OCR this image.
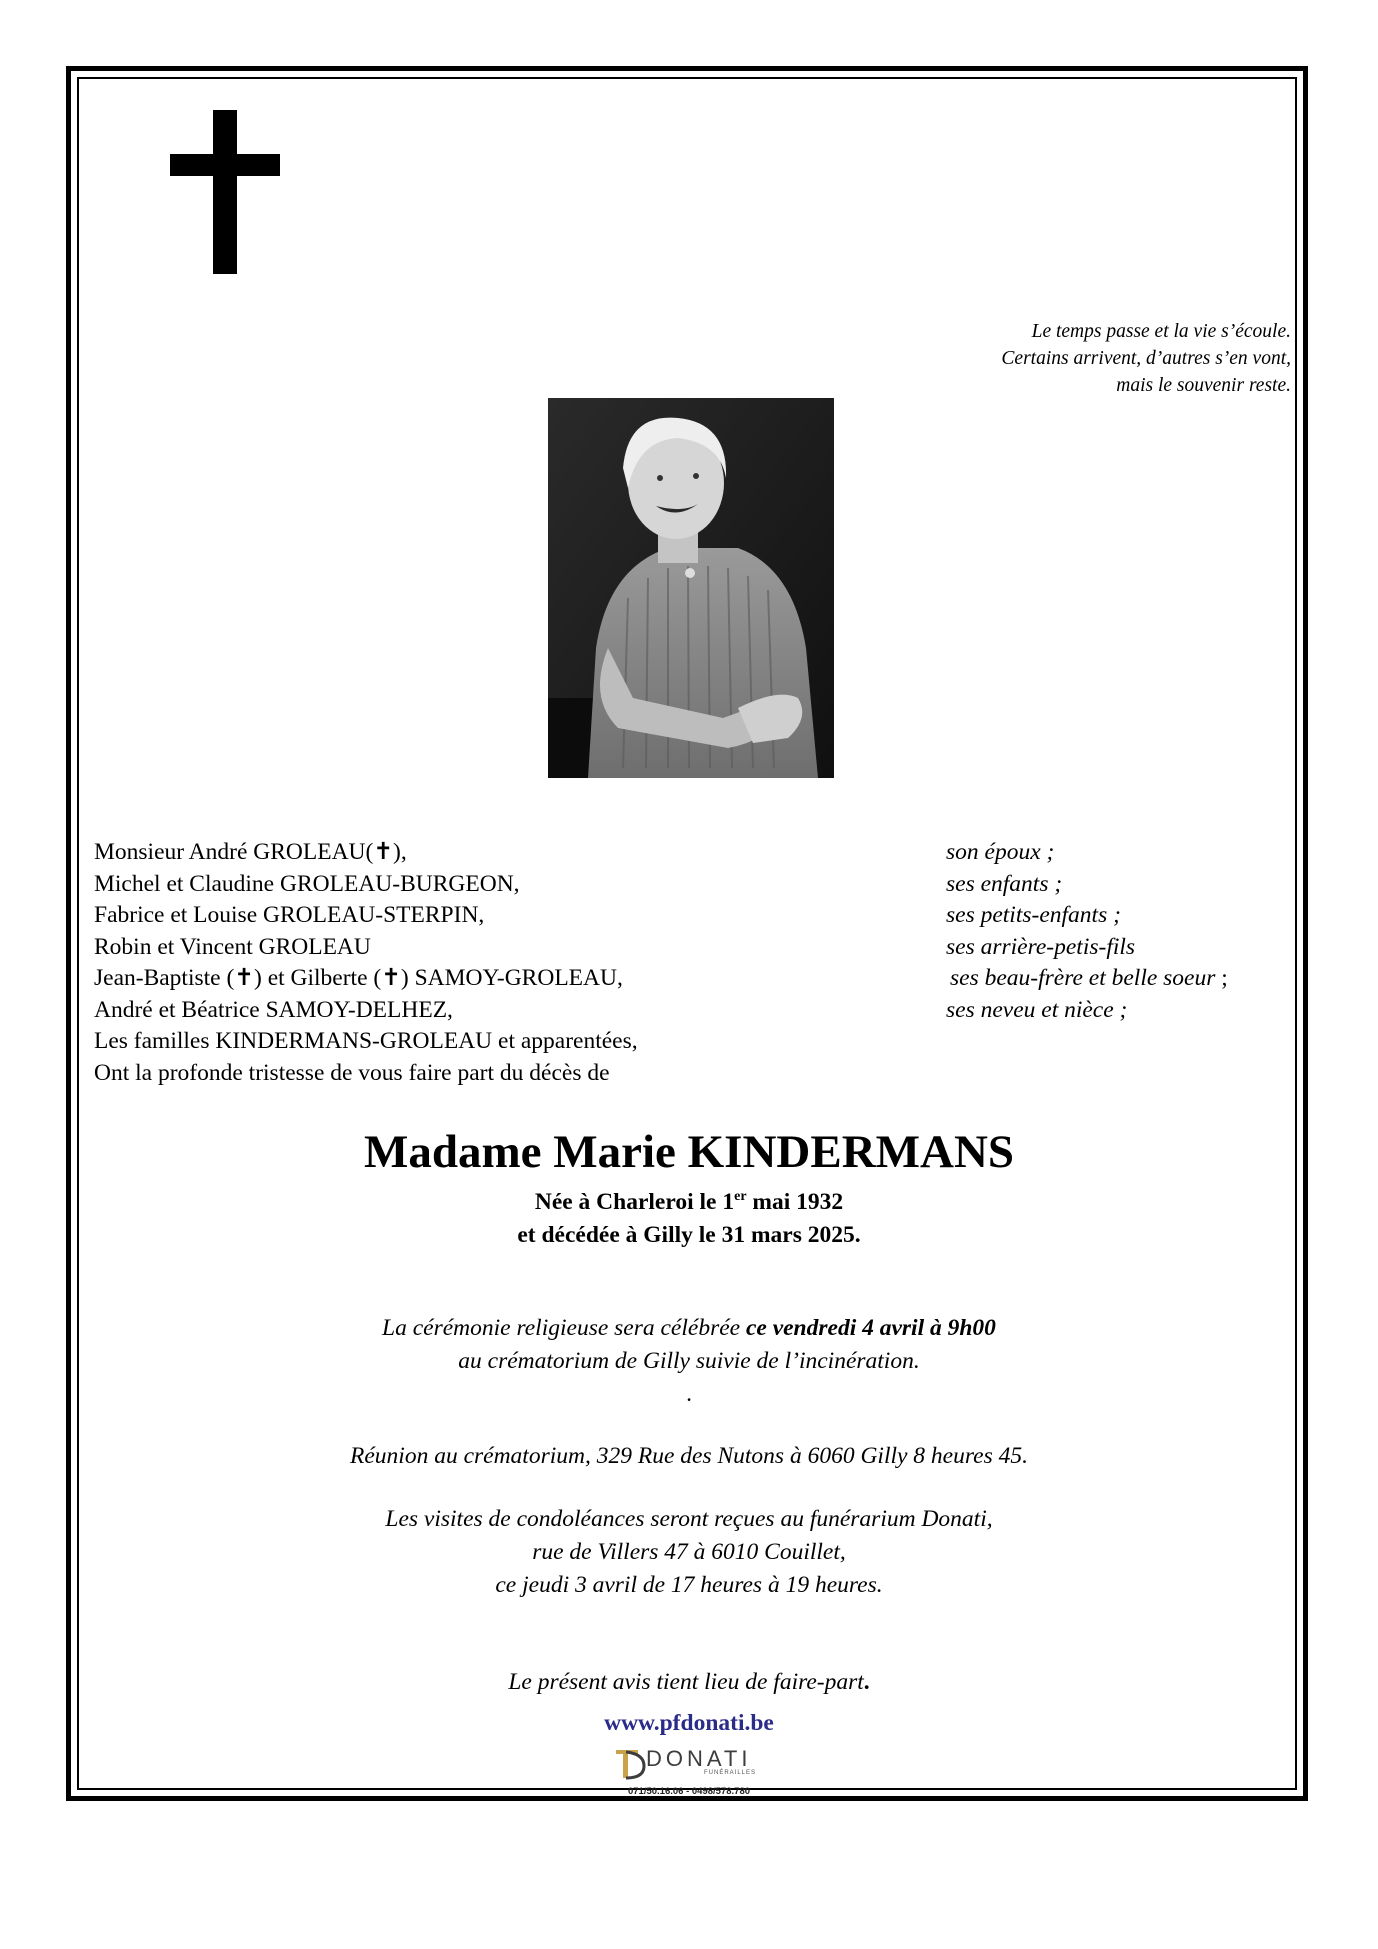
Le temps passe et la vie s’écoule.
Certains arrivent, d’autres s’en vont,
mais le souvenir reste.
Monsieur André GROLEAU(✝),	son époux ;
Michel et Claudine GROLEAU-BURGEON,	ses enfants ;
Fabrice et Louise GROLEAU-STERPIN,	ses petits-enfants ;
Robin et Vincent GROLEAU	ses arrière-petis-fils
Jean-Baptiste (✝) et Gilberte (✝) SAMOY-GROLEAU,	ses beau-frère et belle soeur ;
André et Béatrice SAMOY-DELHEZ,	ses neveu et nièce ;
Les familles KINDERMANS-GROLEAU et apparentées,
Ont la profonde tristesse de vous faire part du décès de
Madame Marie KINDERMANS
Née à Charleroi le 1er mai 1932
et décédée à Gilly le 31 mars 2025.
La cérémonie religieuse sera célébrée ce vendredi 4 avril à 9h00
au crématorium de Gilly suivie de l’incinération.
.
Réunion au crématorium, 329 Rue des Nutons à 6060 Gilly 8 heures 45.
Les visites de condoléances seront reçues au funérarium Donati,
rue de Villers 47 à 6010 Couillet,
ce jeudi 3 avril de 17 heures à 19 heures.
Le présent avis tient lieu de faire-part.
www.pfdonati.be
DONATI
FUNÉRAILLES
071/50.16.06 - 0498/578.780
